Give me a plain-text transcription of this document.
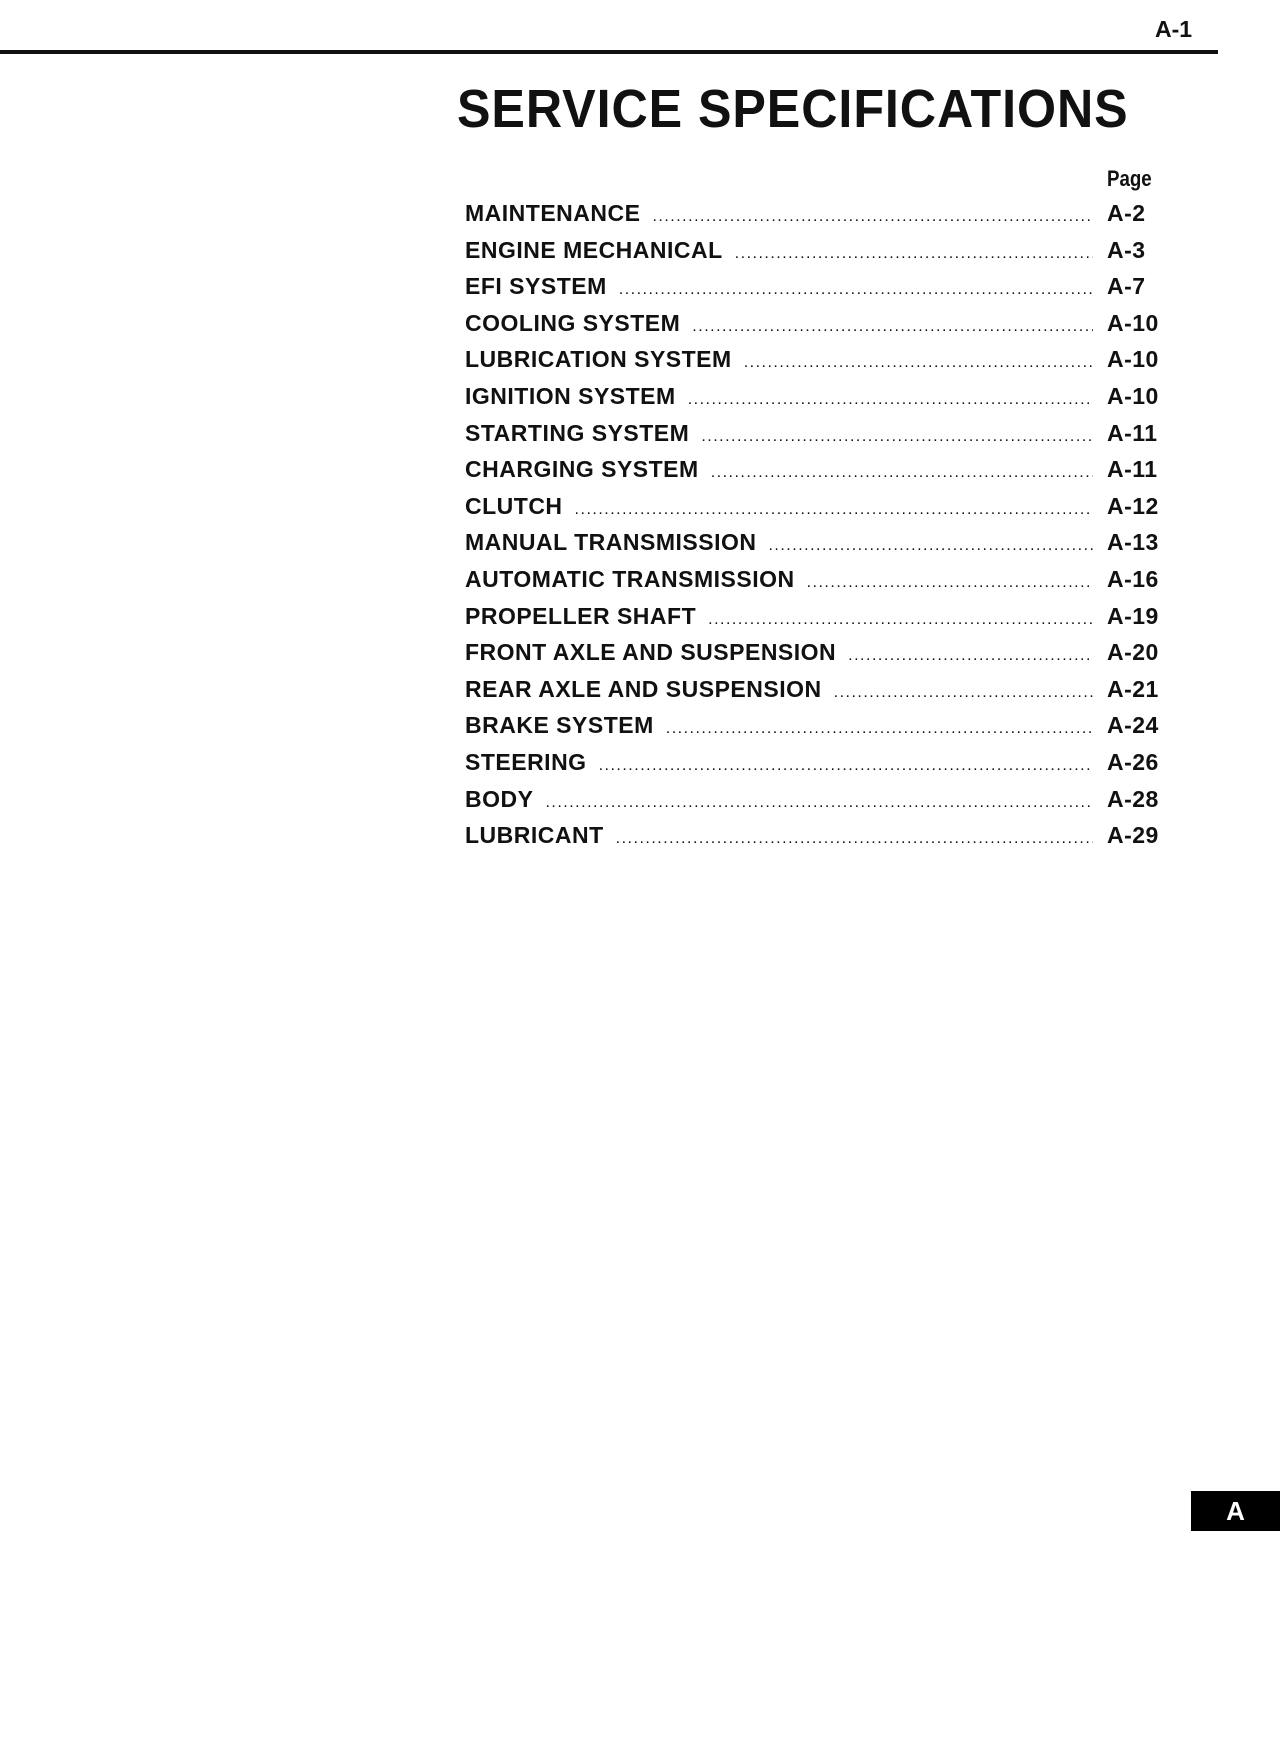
A-1
SERVICE SPECIFICATIONS
Page
MAINTENANCE .....	A-2
ENGINE MECHANICAL .....	A-3
EFI SYSTEM .....	A-7
COOLING SYSTEM .....	A-10
LUBRICATION SYSTEM .....	A-10
IGNITION SYSTEM .....	A-10
STARTING SYSTEM .....	A-11
CHARGING SYSTEM .....	A-11
CLUTCH .....	A-12
MANUAL TRANSMISSION .....	A-13
AUTOMATIC TRANSMISSION .....	A-16
PROPELLER SHAFT .....	A-19
FRONT AXLE AND SUSPENSION .....	A-20
REAR AXLE AND SUSPENSION .....	A-21
BRAKE SYSTEM .....	A-24
STEERING .....	A-26
BODY .....	A-28
LUBRICANT .....	A-29
A
